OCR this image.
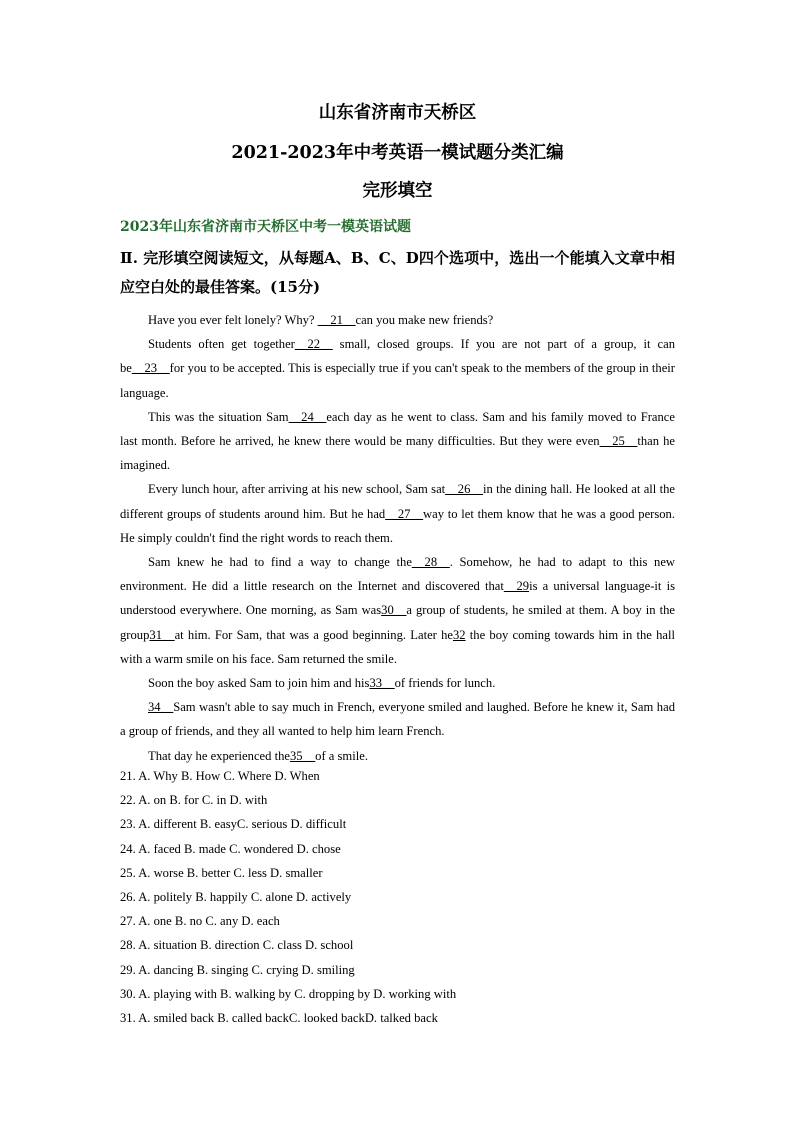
山东省济南市天桥区
2021-2023年中考英语一模试题分类汇编
完形填空
2023年山东省济南市天桥区中考一模英语试题
Ⅱ. 完形填空阅读短文，从每题A、B、C、D四个选项中，选出一个能填入文章中相应空白处的最佳答案。(15分)

Have you ever felt lonely? Why? __21__can you make new friends?

Students often get together__22__ small, closed groups. If you are not part of a group, it can be__23__for you to be accepted. This is especially true if you can't speak to the members of the group in their language.

This was the situation Sam__24__each day as he went to class. Sam and his family moved to France last month. Before he arrived, he knew there would be many difficulties. But they were even__25__than he imagined.

Every lunch hour, after arriving at his new school, Sam sat__26__in the dining hall. He looked at all the different groups of students around him. But he had__27__way to let them know that he was a good person. He simply couldn't find the right words to reach them.

Sam knew he had to find a way to change the__28__. Somehow, he had to adapt to this new environment. He did a little research on the Internet and discovered that__29is a universal language-it is understood everywhere. One morning, as Sam was30__a group of students, he smiled at them. A boy in the group31__at him. For Sam, that was a good beginning. Later he32 the boy coming towards him in the hall with a warm smile on his face. Sam returned the smile.

Soon the boy asked Sam to join him and his33__of friends for lunch.

34__Sam wasn't able to say much in French, everyone smiled and laughed. Before he knew it, Sam had a group of friends, and they all wanted to help him learn French.

That day he experienced the35__of a smile.

21. A. Why B. How C. Where D. When
22. A. on B. for C. in D. with
23. A. different B. easyC. serious D. difficult
24. A. faced B. made C. wondered D. chose
25. A. worse B. better C. less D. smaller
26. A. politely B. happily C. alone D. actively
27. A. one B. no C. any D. each
28. A. situation B. direction C. class D. school
29. A. dancing B. singing C. crying D. smiling
30. A. playing with B. walking by C. dropping by D. working with
31. A. smiled back B. called backC. looked backD. talked back
